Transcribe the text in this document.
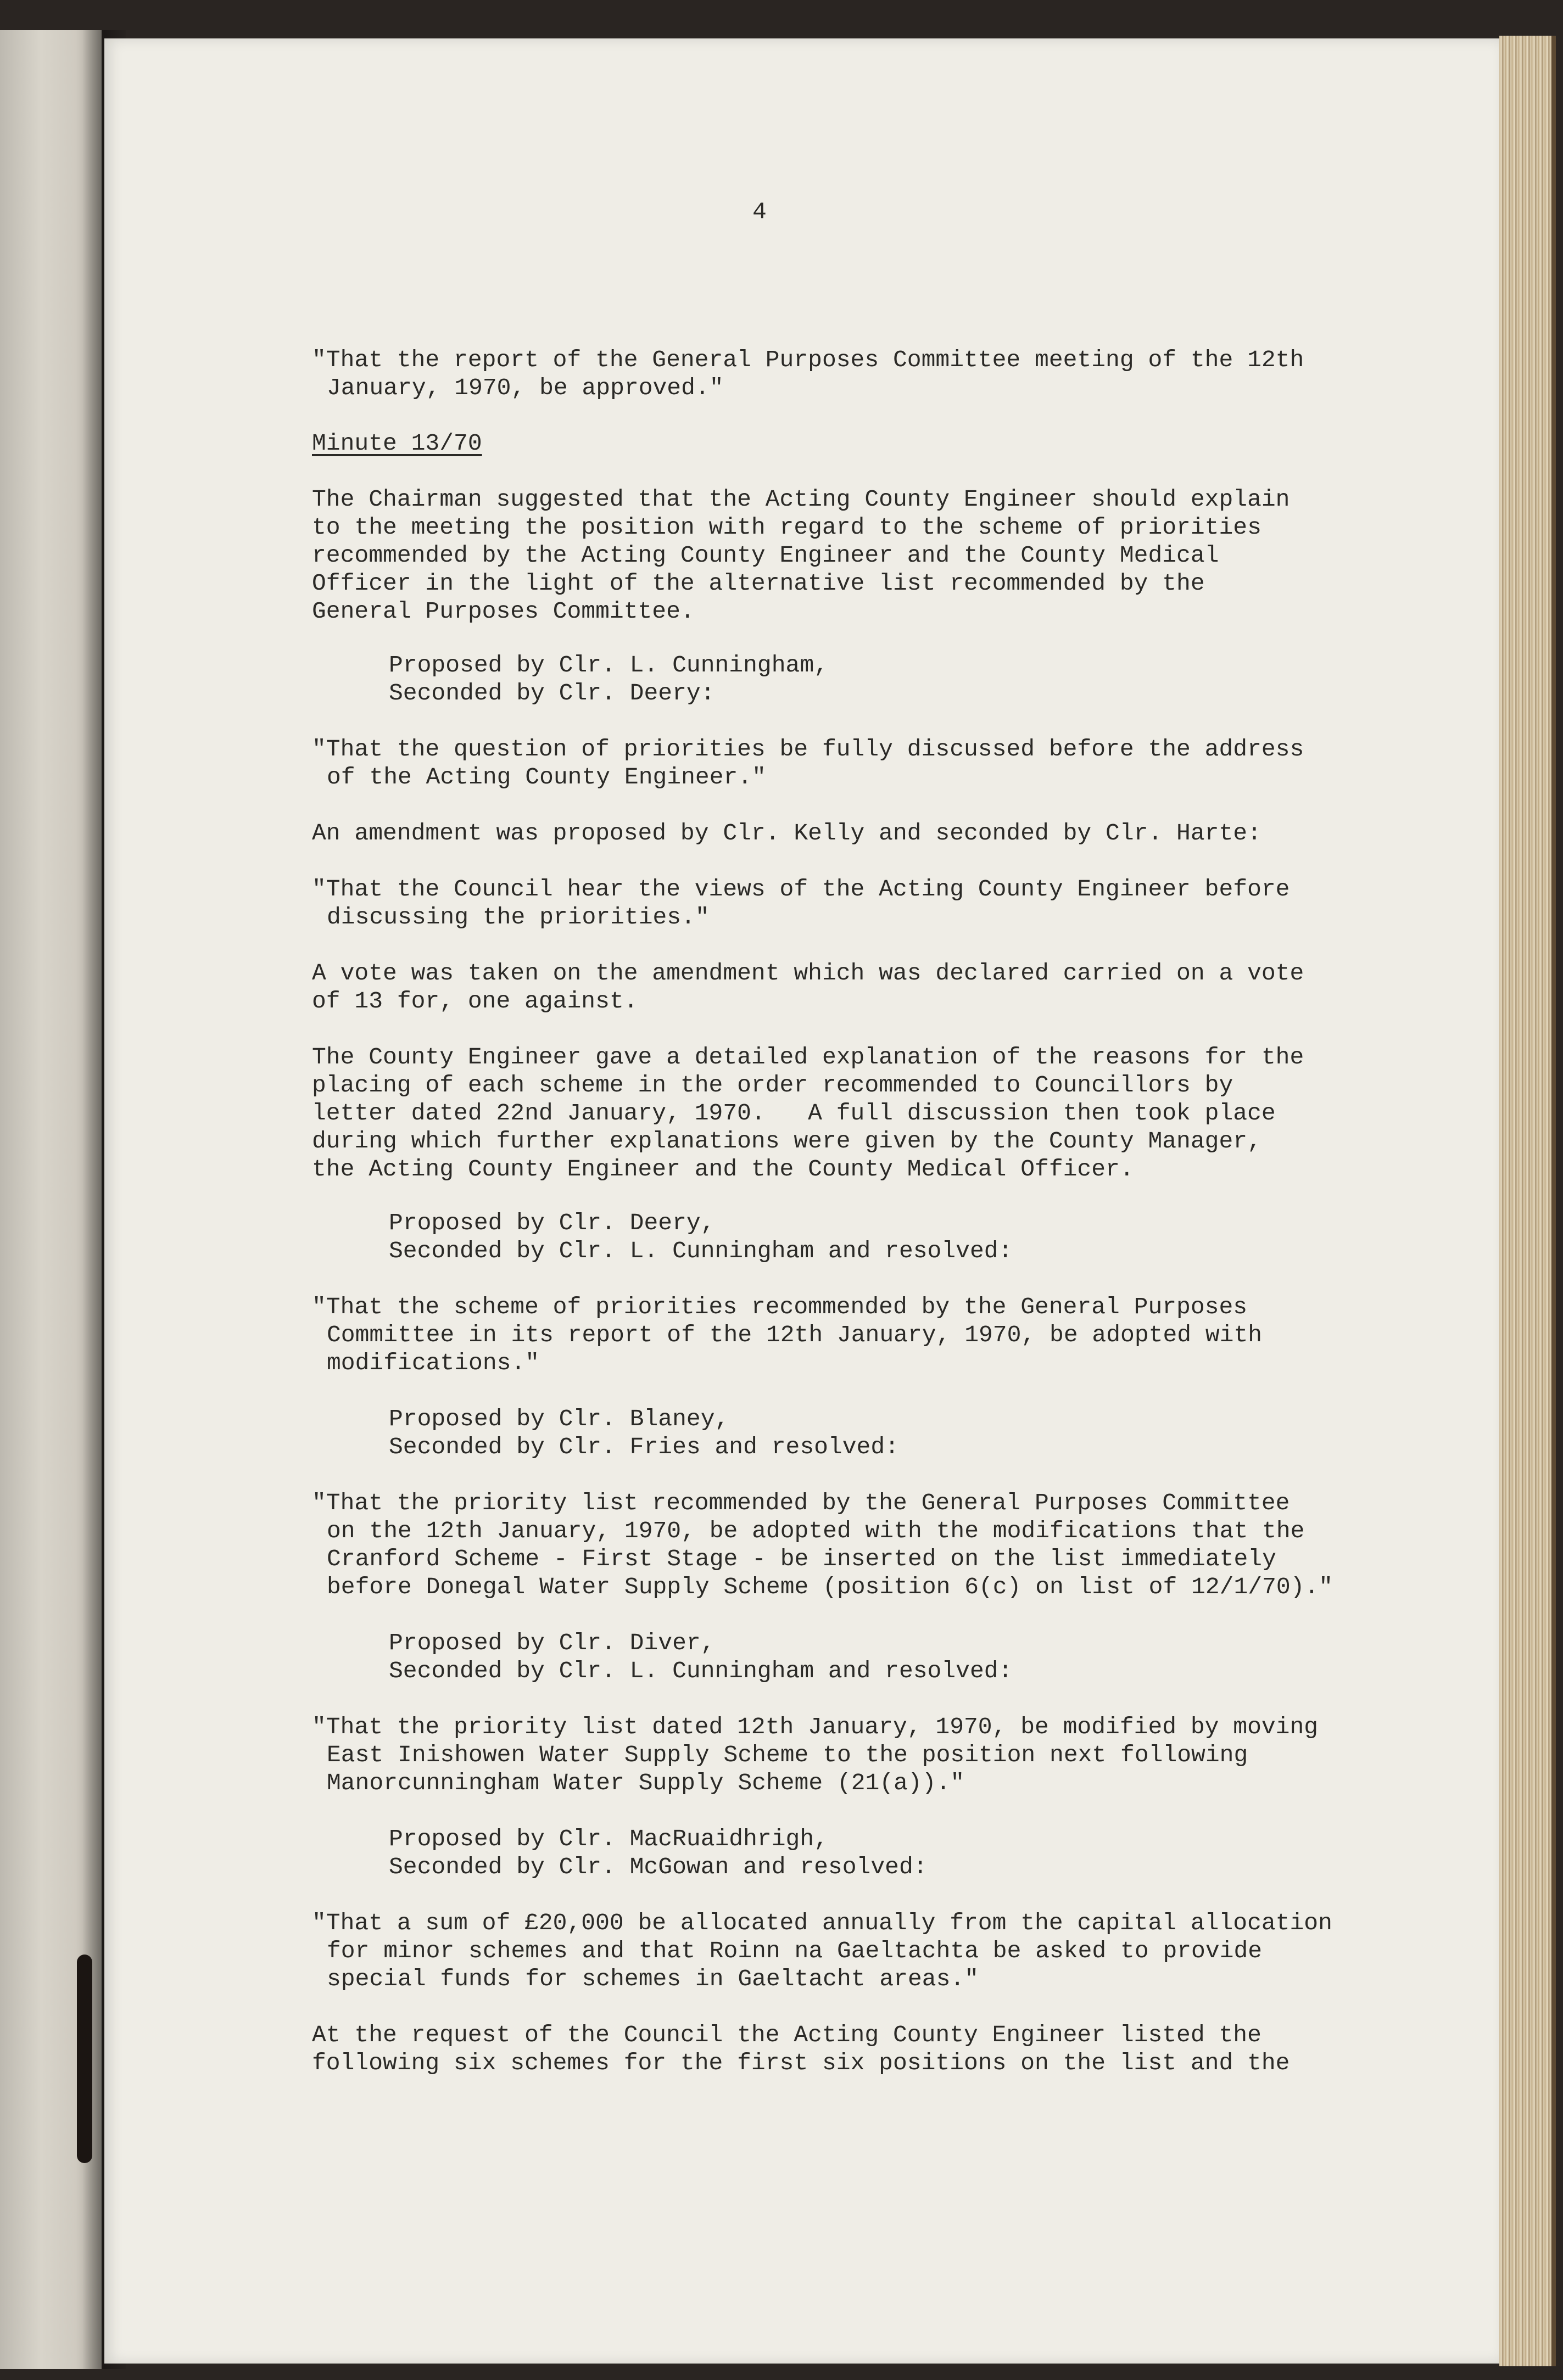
4

"That the report of the General Purposes Committee meeting of the 12th

January, 1970, be approved."

Minute 13/70

The Chairman suggested that the Acting County Engineer should explain

to the meeting the position with regard to the scheme of priorities

recommended by the Acting County Engineer and the County Medical

Officer in the light of the alternative list recommended by the

General Purposes Committee.

Proposed by Clr. L. Cunningham,

Seconded by Clr. Deery:

"That the question of priorities be fully discussed before the address

of the Acting County Engineer."

An amendment was proposed by Clr. Kelly and seconded by Clr. Harte:

"That the Council hear the views of the Acting County Engineer before

discussing the priorities."

A vote was taken on the amendment which was declared carried on a vote

of 13 for, one against.

The County Engineer gave a detailed explanation of the reasons for the

placing of each scheme in the order recommended to Councillors by

letter dated 22nd January, 1970.   A full discussion then took place

during which further explanations were given by the County Manager,

the Acting County Engineer and the County Medical Officer.

Proposed by Clr. Deery,

Seconded by Clr. L. Cunningham and resolved:

"That the scheme of priorities recommended by the General Purposes

Committee in its report of the 12th January, 1970, be adopted with

modifications."

Proposed by Clr. Blaney,

Seconded by Clr. Fries and resolved:

"That the priority list recommended by the General Purposes Committee

on the 12th January, 1970, be adopted with the modifications that the

Cranford Scheme - First Stage - be inserted on the list immediately

before Donegal Water Supply Scheme (position 6(c) on list of 12/1/70)."

Proposed by Clr. Diver,

Seconded by Clr. L. Cunningham and resolved:

"That the priority list dated 12th January, 1970, be modified by moving

East Inishowen Water Supply Scheme to the position next following

Manorcunningham Water Supply Scheme (21(a))."

Proposed by Clr. MacRuaidhrigh,

Seconded by Clr. McGowan and resolved:

"That a sum of £20,000 be allocated annually from the capital allocation

for minor schemes and that Roinn na Gaeltachta be asked to provide

special funds for schemes in Gaeltacht areas."

At the request of the Council the Acting County Engineer listed the

following six schemes for the first six positions on the list and the
